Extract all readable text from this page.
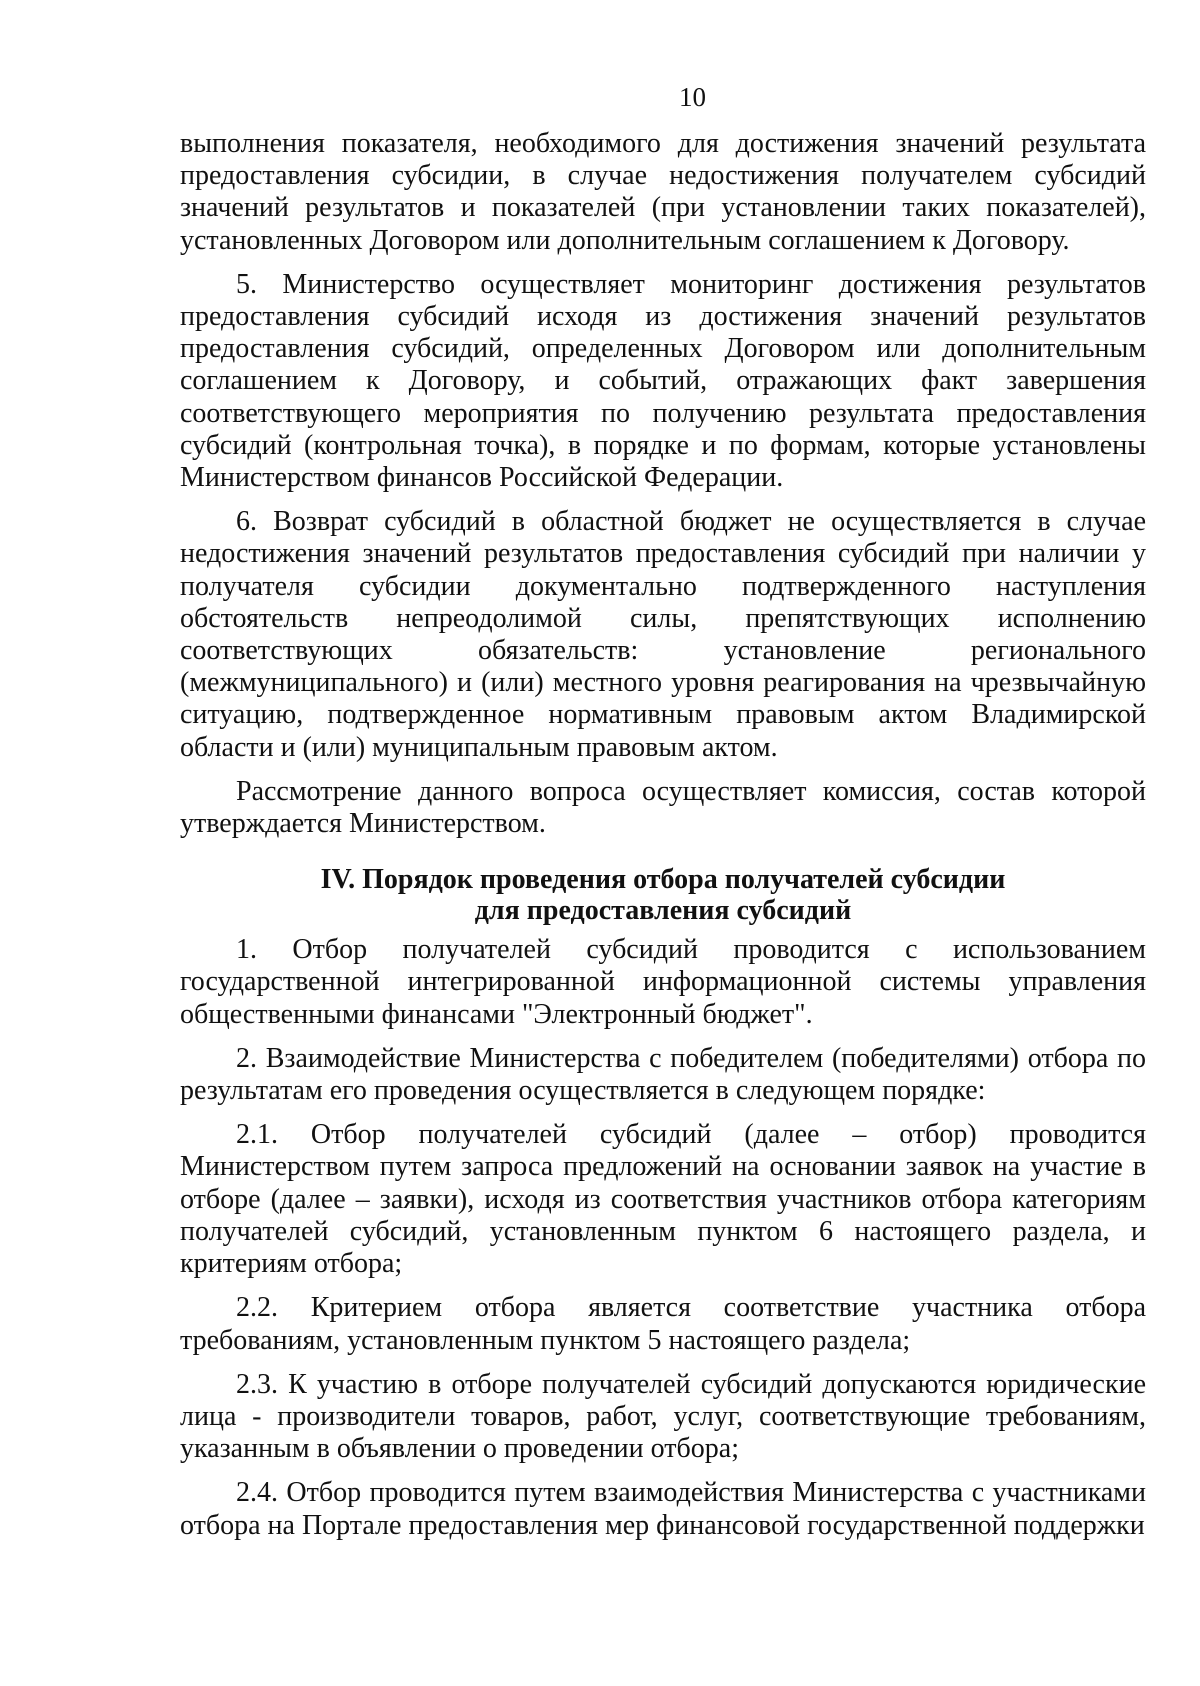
10

выполнения показателя, необходимого для достижения значений результата предоставления субсидии, в случае недостижения получателем субсидий значений результатов и показателей (при установлении таких показателей), установленных Договором или дополнительным соглашением к Договору.

5. Министерство осуществляет мониторинг достижения результатов предоставления субсидий исходя из достижения значений результатов предоставления субсидий, определенных Договором или дополнительным соглашением к Договору, и событий, отражающих факт завершения соответствующего мероприятия по получению результата предоставления субсидий (контрольная точка), в порядке и по формам, которые установлены Министерством финансов Российской Федерации.

6. Возврат субсидий в областной бюджет не осуществляется в случае недостижения значений результатов предоставления субсидий при наличии у получателя субсидии документально подтвержденного наступления обстоятельств непреодолимой силы, препятствующих исполнению соответствующих обязательств: установление регионального (межмуниципального) и (или) местного уровня реагирования на чрезвычайную ситуацию, подтвержденное нормативным правовым актом Владимирской области и (или) муниципальным правовым актом.

Рассмотрение данного вопроса осуществляет комиссия, состав которой утверждается Министерством.

IV. Порядок проведения отбора получателей субсидии
для предоставления субсидий

1. Отбор получателей субсидий проводится с использованием государственной интегрированной информационной системы управления общественными финансами "Электронный бюджет".

2. Взаимодействие Министерства с победителем (победителями) отбора по результатам его проведения осуществляется в следующем порядке:

2.1. Отбор получателей субсидий (далее – отбор) проводится Министерством путем запроса предложений на основании заявок на участие в отборе (далее – заявки), исходя из соответствия участников отбора категориям получателей субсидий, установленным пунктом 6 настоящего раздела, и критериям отбора;

2.2. Критерием отбора является соответствие участника отбора требованиям, установленным пунктом 5 настоящего раздела;

2.3. К участию в отборе получателей субсидий допускаются юридические лица - производители товаров, работ, услуг, соответствующие требованиям, указанным в объявлении о проведении отбора;

2.4. Отбор проводится путем взаимодействия Министерства с участниками отбора на Портале предоставления мер финансовой государственной поддержки
